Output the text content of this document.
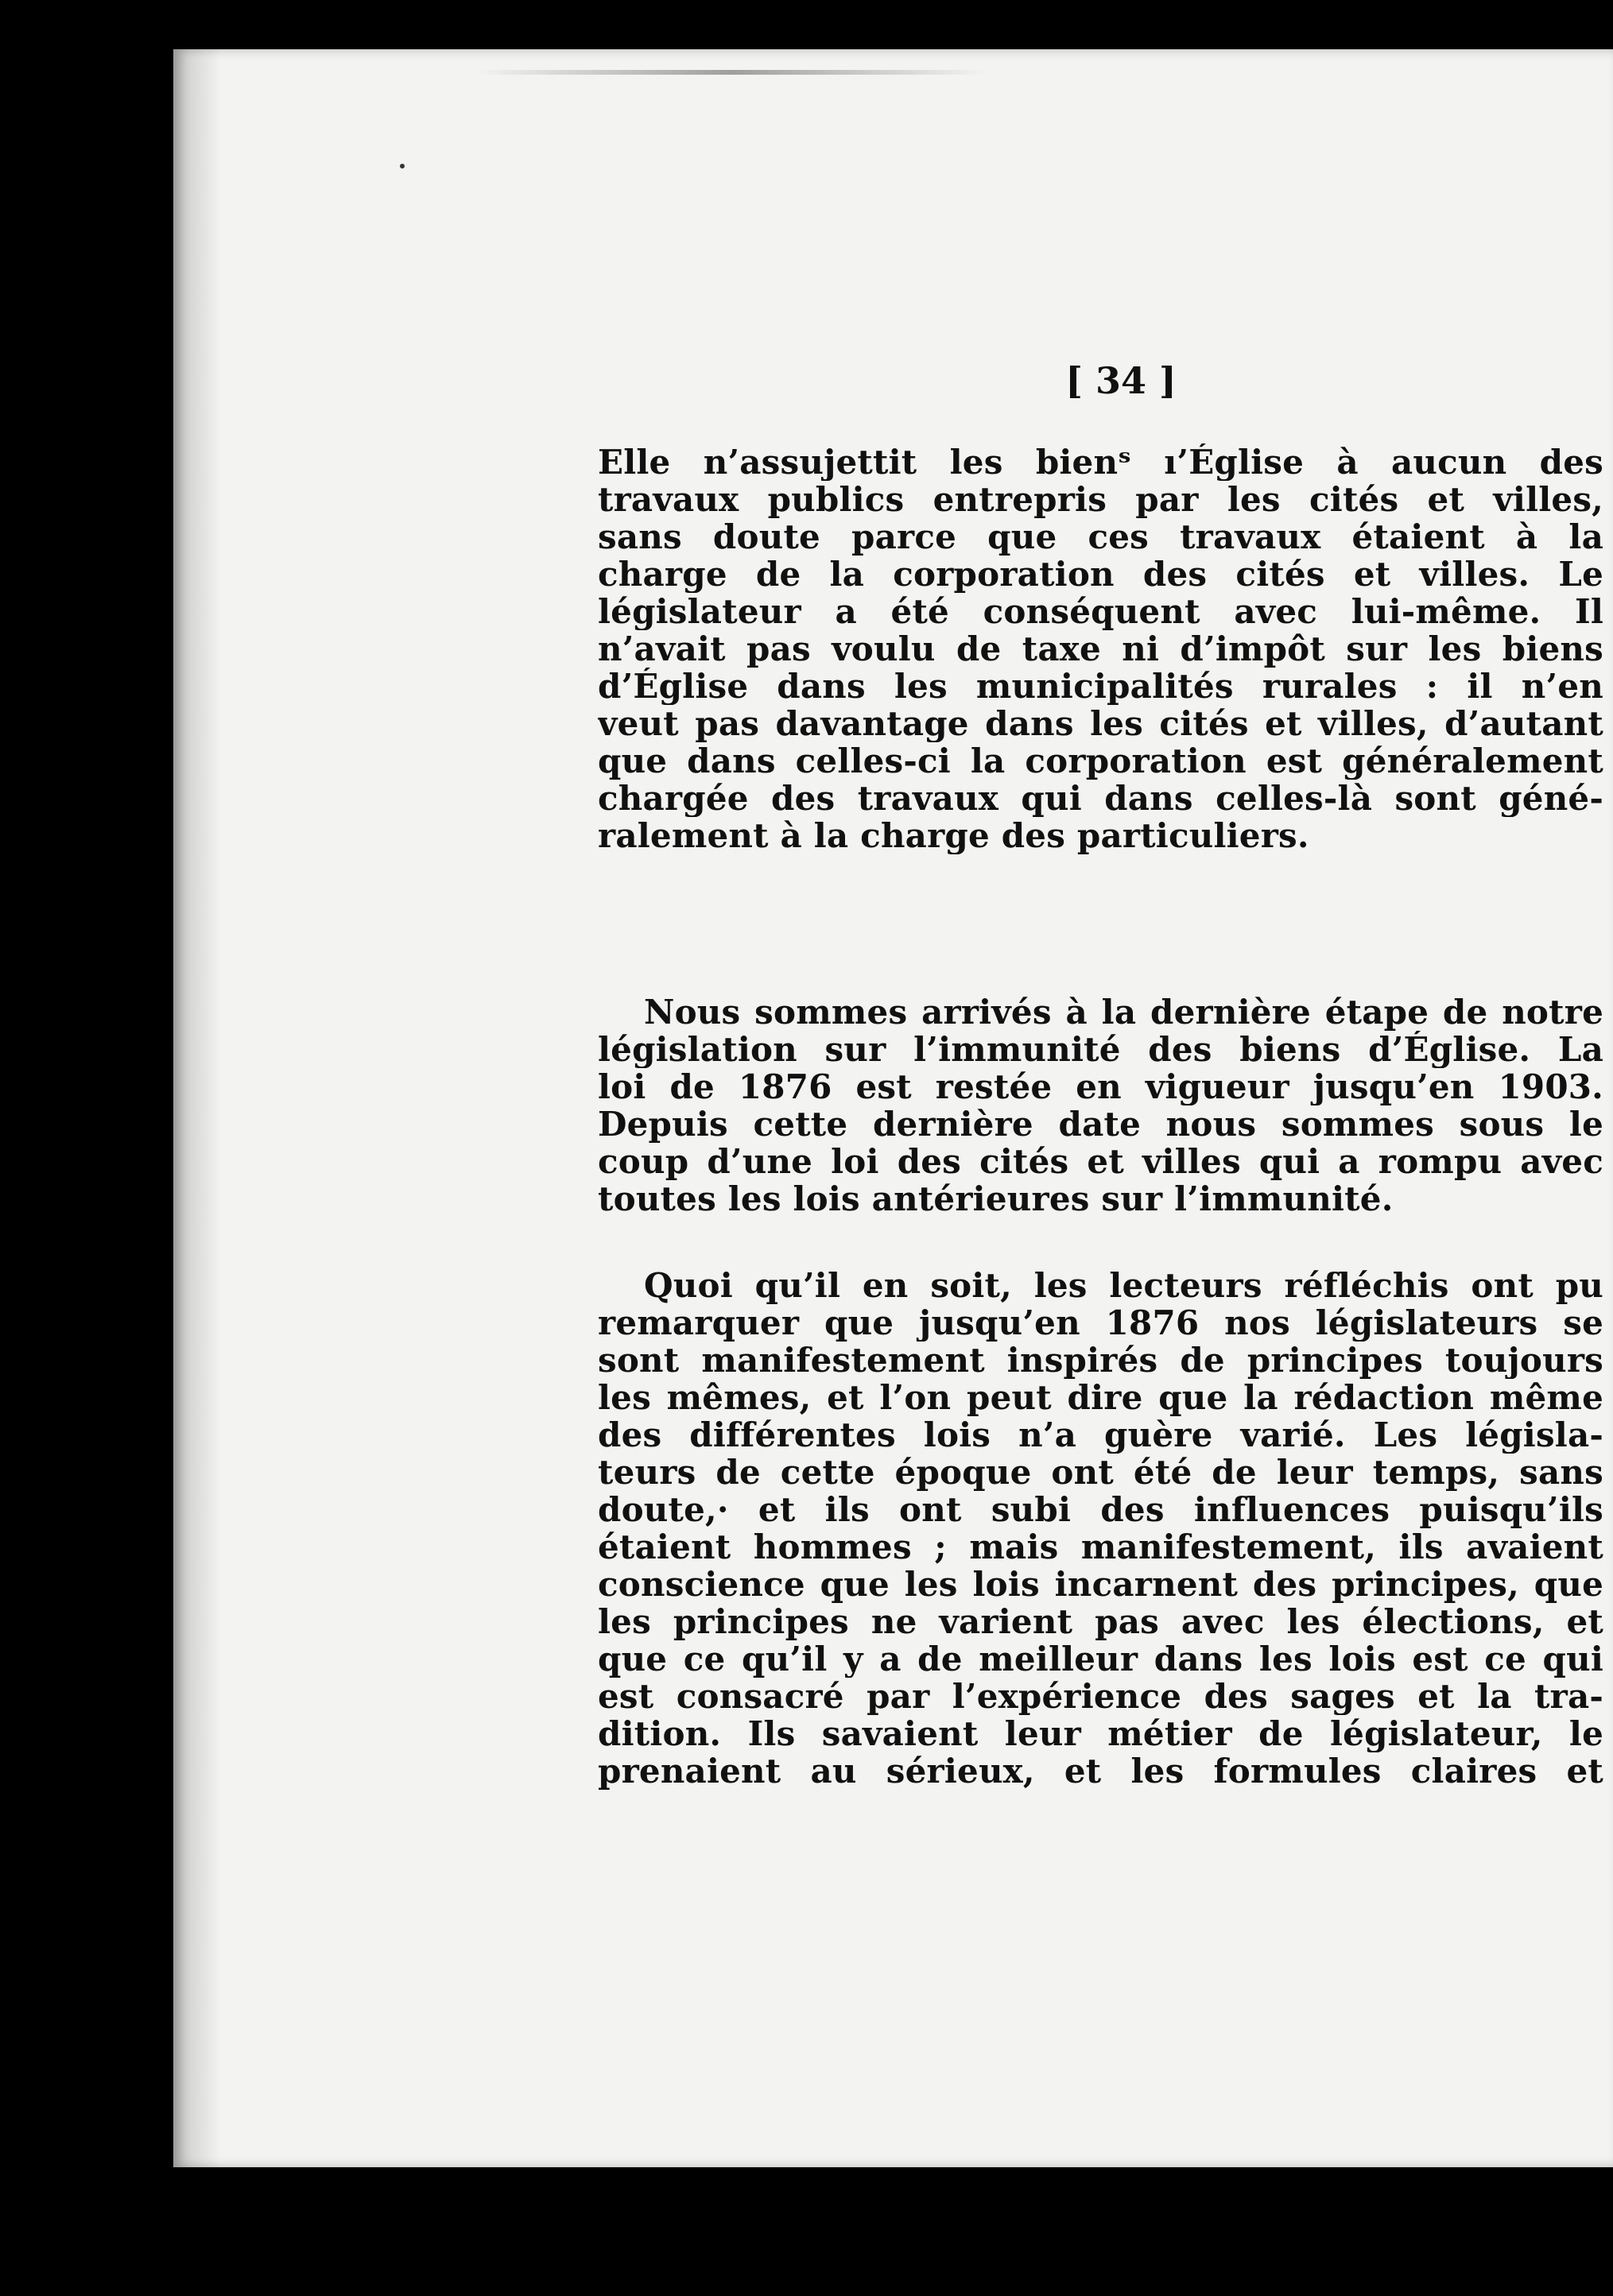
[ 34 ]
Elle n’assujettit les bienˢ ı’Église à aucun des
travaux publics entrepris par les cités et villes,
sans doute parce que ces travaux étaient à la
charge de la corporation des cités et villes. Le
législateur a été conséquent avec lui-même. Il
n’avait pas voulu de taxe ni d’impôt sur les biens
d’Église dans les municipalités rurales : il n’en
veut pas davantage dans les cités et villes, d’autant
que dans celles-ci la corporation est généralement
chargée des travaux qui dans celles-là sont géné-
ralement à la charge des particuliers.
Nous sommes arrivés à la dernière étape de notre
législation sur l’immunité des biens d’Église. La
loi de 1876 est restée en vigueur jusqu’en 1903.
Depuis cette dernière date nous sommes sous le
coup d’une loi des cités et villes qui a rompu avec
toutes les lois antérieures sur l’immunité.
Quoi qu’il en soit, les lecteurs réfléchis ont pu
remarquer que jusqu’en 1876 nos législateurs se
sont manifestement inspirés de principes toujours
les mêmes, et l’on peut dire que la rédaction même
des différentes lois n’a guère varié. Les législa-
teurs de cette époque ont été de leur temps, sans
doute,· et ils ont subi des influences puisqu’ils
étaient hommes ; mais manifestement, ils avaient
conscience que les lois incarnent des principes, que
les principes ne varient pas avec les élections, et
que ce qu’il y a de meilleur dans les lois est ce qui
est consacré par l’expérience des sages et la tra-
dition. Ils savaient leur métier de législateur, le
prenaient au sérieux, et les formules claires et
